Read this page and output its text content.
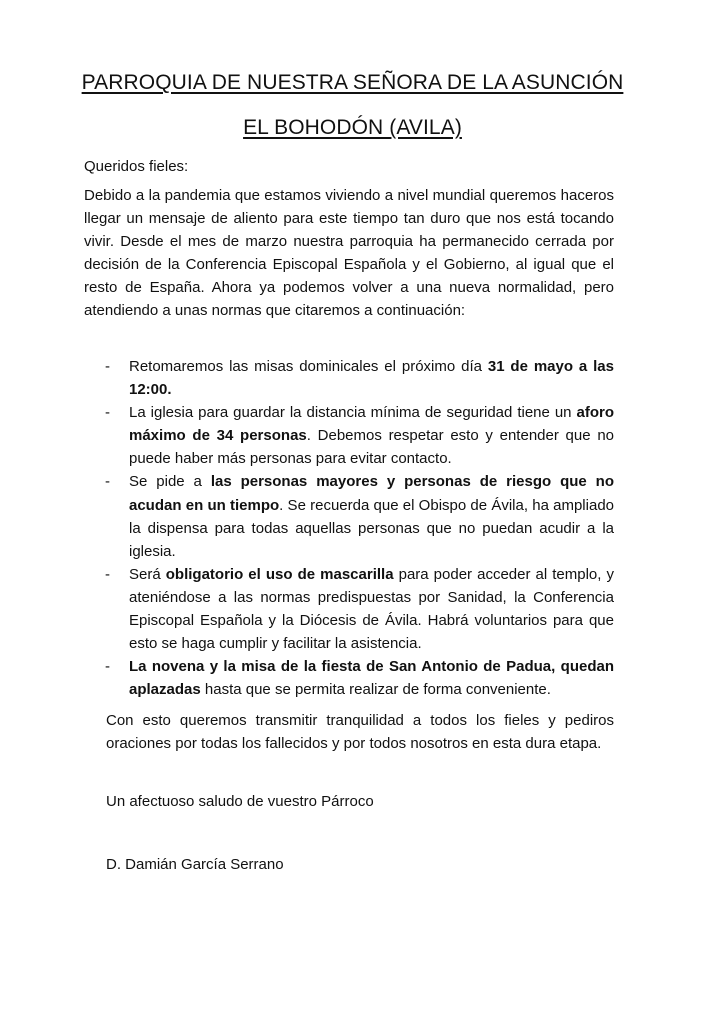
PARROQUIA DE NUESTRA SEÑORA DE LA ASUNCIÓN
EL BOHODÓN (AVILA)
Queridos fieles:

Debido a la pandemia que estamos viviendo a nivel mundial queremos haceros llegar un mensaje de aliento para este tiempo tan duro que nos está tocando vivir. Desde el mes de marzo nuestra parroquia ha permanecido cerrada por decisión de la Conferencia Episcopal Española y el Gobierno, al igual que el resto de España. Ahora ya podemos volver a una nueva normalidad, pero atendiendo a unas normas que citaremos a continuación:

- Retomaremos las misas dominicales el próximo día 31 de mayo a las 12:00.
- La iglesia para guardar la distancia mínima de seguridad tiene un aforo máximo de 34 personas. Debemos respetar esto y entender que no puede haber más personas para evitar contacto.
- Se pide a las personas mayores y personas de riesgo que no acudan en un tiempo. Se recuerda que el Obispo de Ávila, ha ampliado la dispensa para todas aquellas personas que no puedan acudir a la iglesia.
- Será obligatorio el uso de mascarilla para poder acceder al templo, y ateniéndose a las normas predispuestas por Sanidad, la Conferencia Episcopal Española y la Diócesis de Ávila. Habrá voluntarios para que esto se haga cumplir y facilitar la asistencia.
- La novena y la misa de la fiesta de San Antonio de Padua, quedan aplazadas hasta que se permita realizar de forma conveniente.

Con esto queremos transmitir tranquilidad a todos los fieles y pediros oraciones por todas los fallecidos y por todos nosotros en esta dura etapa.

Un afectuoso saludo de vuestro Párroco
D. Damián García Serrano
